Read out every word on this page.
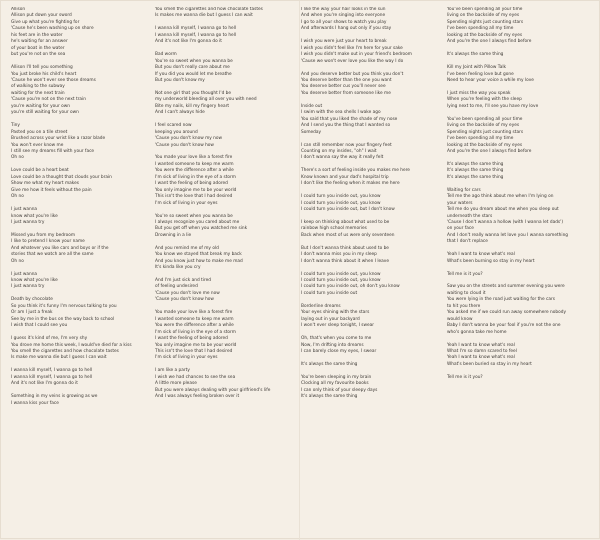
Allison
Allison put down your sword
Give up what you're fighting for
'Cause he's been washing up on shore
his feet are in the water
he's waiting for an answer
of your boat in the water
but you're not on the sea

Allison I'll tell you something
You just broke his child's heart
'Cause he won't ever see those dreams
of walking to the subway
waiting for the next train
'Cause you're not on the next train
you're waiting for your own
you're still waiting for your own

Tiny
Pasted you on a tile street
Brushed across your wrist like a razor blade
You won't ever know me
I still see my dreams fill with your face
Oh no

Love could be a heart beat
Love could be a thought that clouds your brain
Show me what my heart makes
Give me how it feels without the pain
Oh no

I just wanna
know what you're like
I just wanna try

Missed you from my bedroom
I like to pretend I know your name
And whatever you like cars and boys or if the
stories that we watch are all the same
Oh no

I just wanna
know what you're like
I just wanna try

Death by chocolate
So you think it's funny I'm nervous talking to you
Or am I just a freak
See by me in the bus on the way back to school
I wish that I could see you

I guess it's kind of me, I'm very shy
You drove me home this week, I would've died for a kiss
You smell the cigarettes and how chocolate tastes
Is make me wanna die but I guess I can wait

I wanna kill myself, I wanna go to hell
I wanna kill myself, I wanna go to hell
And it's not like I'm gonna do it

Something in my veins is growing as we
I wanna kiss your face
You smell the cigarettes and how chocolate tastes
Is makes me wanna die but I guess I can wait

I wanna kill myself, I wanna go to hell
I wanna kill myself, I wanna go to hell
And it's not like I'm gonna do it

Bad worm
You're so sweet when you wanna be
But you don't really care about me
If you did you would let me breathe
But you don't know my

Not one girl that you thought I'd be
my underworld bleeding all over you with need
Bite my nails, kill my fingery heart
And I can't always hide

I feel scared now
keeping you around
'Cause you don't know my now
'Cause you don't know how

You made your love like a forest fire
I wanted someone to keep me warm
You were the difference after a while
I'm sick of living in the eye of a storm
I want the feeling of being adored
You only imagine me to be your world
This isn't the love that I had desired
I'm sick of living in your eyes

You're so sweet when you wanna be
I always recognize you cared about me
But you get off when you watched me sink
Drowning in a lie

And you remind me of my old
You know we stayed that break my back
And you know just how to make me mad
It's kinda like you cry

And I'm just sick and tired
of feeling undesired
'Cause you don't love me now
'Cause you don't know how

You made your love like a forest fire
I wanted someone to keep me warm
You were the difference after a while
I'm sick of living in the eye of a storm
I want the feeling of being adored
You only imagine me to be your world
This isn't the love that I had desired
I'm sick of living in your eyes

I am like a party
I wish we had chances to see the sea
A little more please
But you were always dealing with your girlfriend's life
And I was always feeling broken over it
I like the way your hair looks in the sun
And when you're singing into everyone
I go to all your shows to watch you play
And afterwards I hang out only if you stay

I wish you were just your heart to break
I wish you didn't feel like I'm here for your sake
I wish you didn't make out in your friend's bedroom
'Cause we won't ever love you like the way I do

And you deserve better but you think you don't
You deserve better than the one you want
You deserve better cus you'll never see
You deserve better from someone like me

Inside out
I swim with the sea shells I wake ago
You said that you liked the shade of my nose
And I send you the thing that I wanted so
Someday

I can still remember now your fingery feet
Counting on my insides, "oh" I wait
I don't wanna say the way it really felt

There's a sort of feeling inside you makes me here
Know known and your dad's hospital trip
I don't like the feeling when it makes me here

I could turn you inside out, you know
I could turn you inside out, you know
I could turn you inside out, but I don't know

I keep on thinking about what used to be
rainbow high school memories
Back when most of us were only seventeen

But I don't wanna think about used to be
I don't wanna miss you in my sleep
I don't wanna think about it when I leave

I could turn you inside out, you know
I could turn you inside out, you know
I could turn you inside out, oh don't you know
I could turn you inside out

Borderline dreams
Your eyes shining with the stars
laying out in your backyard
I won't ever sleep tonight, I swear

Oh, that's when you come to me
Now, I'm drifting into dreams
I can barely close my eyes, I swear

It's always the same thing

You're been sleeping in my brain
Clocking all my favourite books
I can only think of your sleepy days
It's always the same thing
You've been spending all your time
living on the backside of my eyes
Spending nights just counting stars
I've been spending all my time
looking at the backside of my eyes
And you're the one I always find before

It's always the same thing

Kill my Joint with Pillow Talk
I've been feeling love but gone
Need to hear your voice a while my love

I just miss the way you speak
When you're feeling with the sleep
lying next to me, I'll see you have my love

You've been spending all your time
living on the backside of my eyes
Spending nights just counting stars
I've been spending all my time
looking at the backside of my eyes
And you're the one I always find before

It's always the same thing
It's always the same thing
It's always the same thing

Waiting for cars
Tell me the ago think about me when I'm lying on
your waters
Tell me do you dream about me when you sleep out
underneath the stars
'Cause I don't wanna a hollow (with I wanna let dads')
on your face
And I don't really wanna let love you I wanna something
that I don't replace

Yeah I want to know what's real
What's been burning so stay in my heart

Tell me is it you?

Saw you on the streets and summer evening you were
waiting to cloud it
You were lying in the road just waiting for the cars
to hit you there
You asked me if we could run away somewhere nobody
would know
Baby I don't wanna be your fool if you're not the one
who's gonna take me home

Yeah I want to know what's real
What I'm so damn scared to feel
Yeah I want to know what's real
What's been buried so stay in my heart

Tell me is it you?
